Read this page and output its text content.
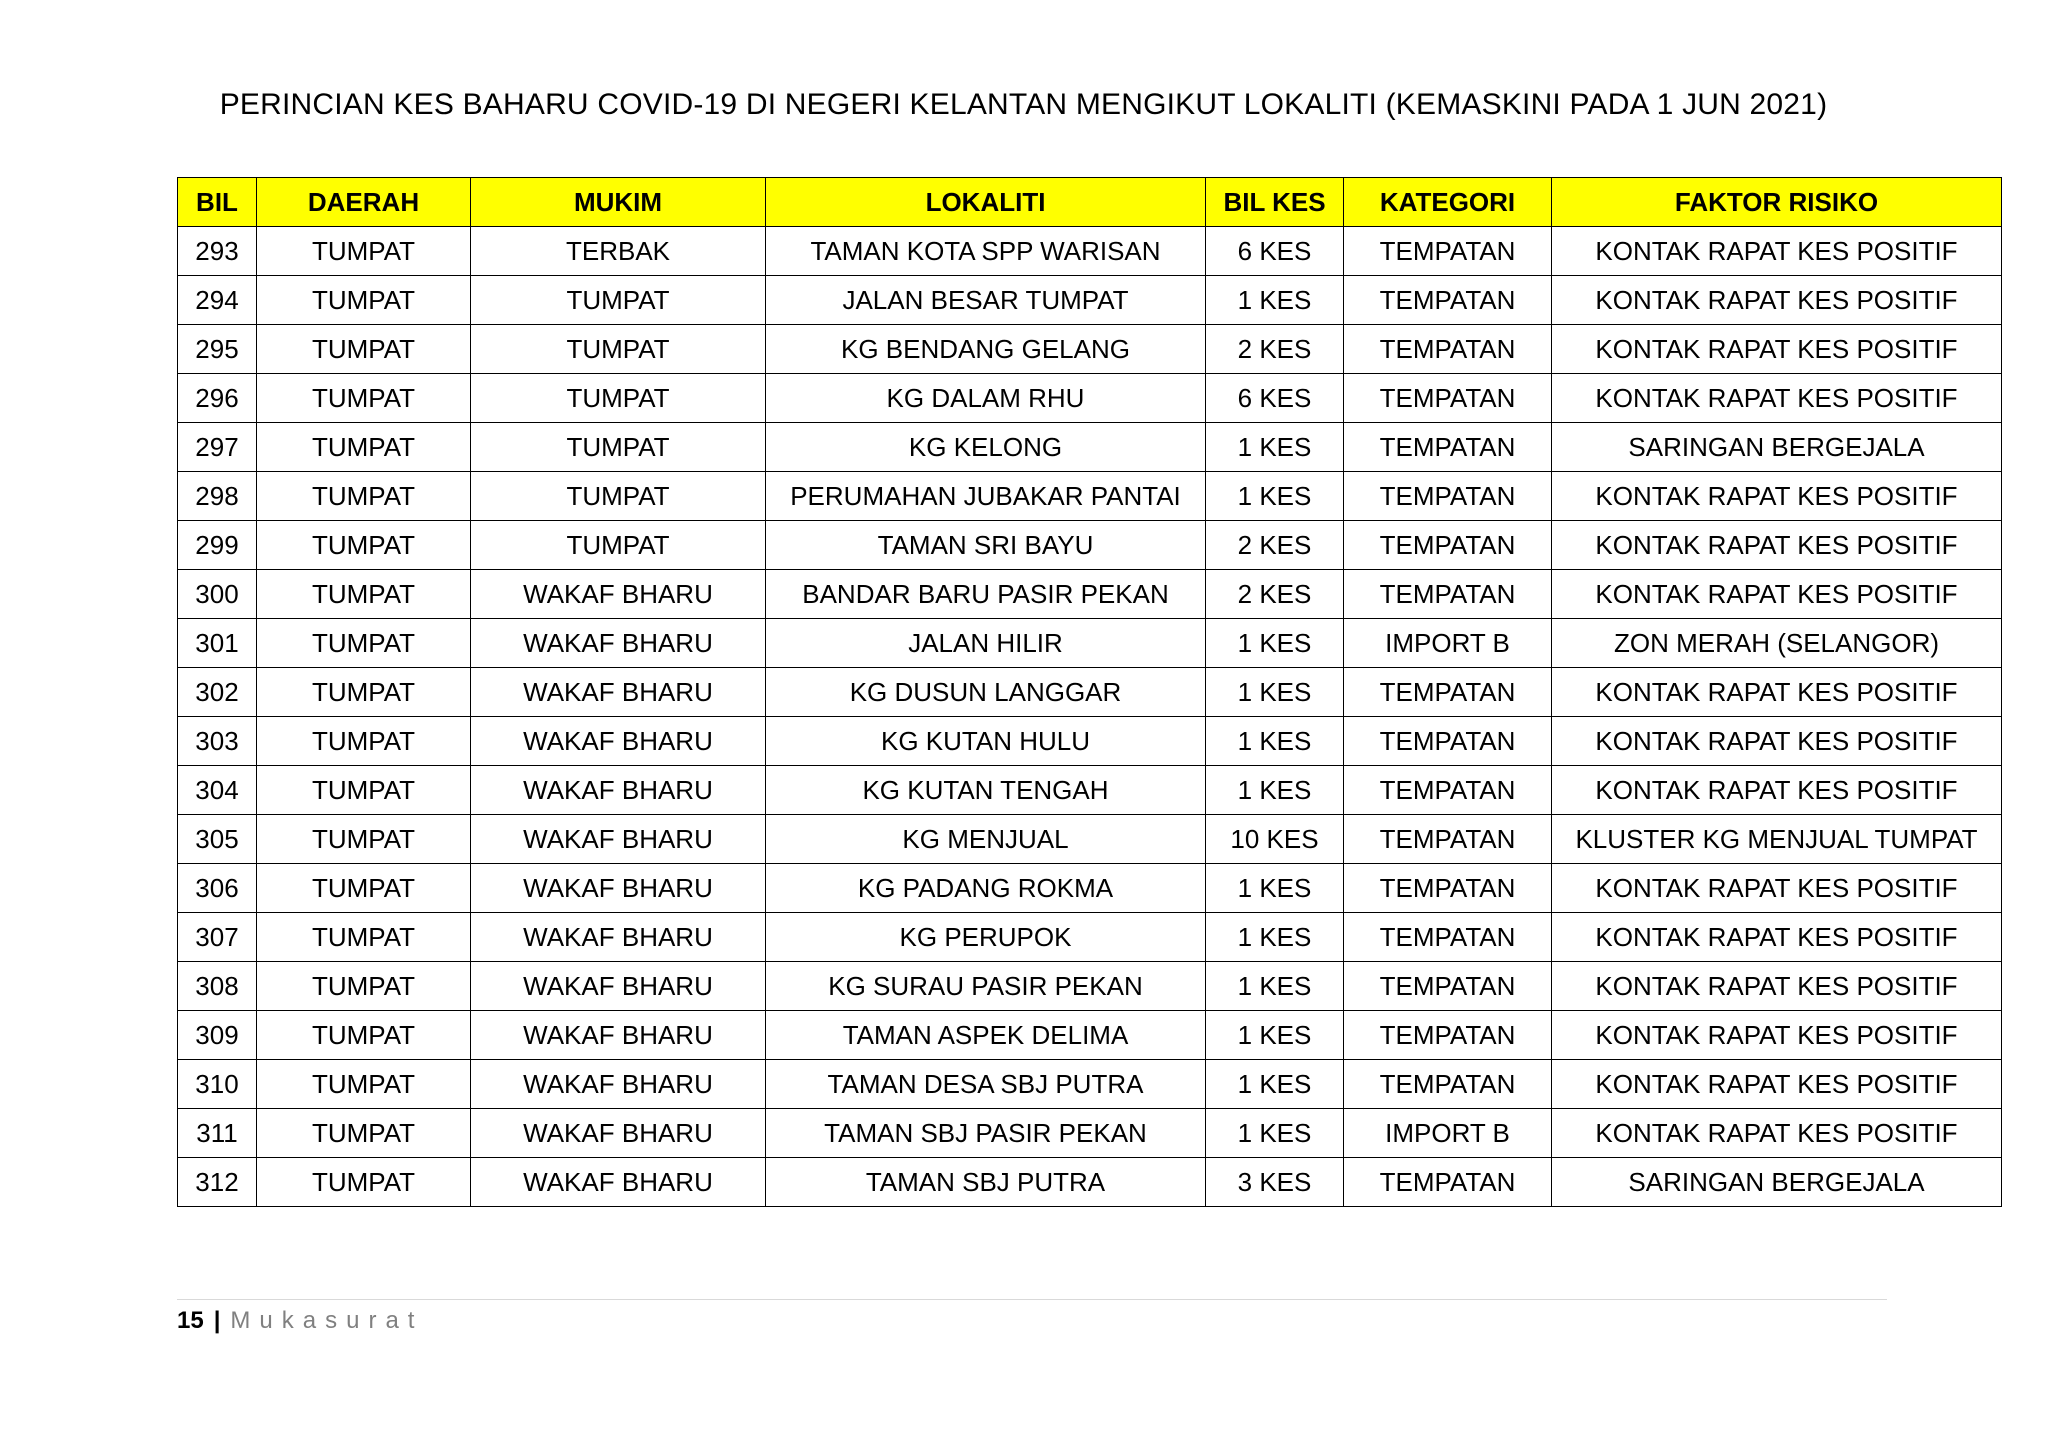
PERINCIAN KES BAHARU COVID-19 DI NEGERI KELANTAN MENGIKUT LOKALITI (KEMASKINI PADA 1 JUN 2021)
BIL	DAERAH	MUKIM	LOKALITI	BIL KES	KATEGORI	FAKTOR RISIKO
293	TUMPAT	TERBAK	TAMAN KOTA SPP WARISAN	6 KES	TEMPATAN	KONTAK RAPAT KES POSITIF
294	TUMPAT	TUMPAT	JALAN BESAR TUMPAT	1 KES	TEMPATAN	KONTAK RAPAT KES POSITIF
295	TUMPAT	TUMPAT	KG BENDANG GELANG	2 KES	TEMPATAN	KONTAK RAPAT KES POSITIF
296	TUMPAT	TUMPAT	KG DALAM RHU	6 KES	TEMPATAN	KONTAK RAPAT KES POSITIF
297	TUMPAT	TUMPAT	KG KELONG	1 KES	TEMPATAN	SARINGAN BERGEJALA
298	TUMPAT	TUMPAT	PERUMAHAN JUBAKAR PANTAI	1 KES	TEMPATAN	KONTAK RAPAT KES POSITIF
299	TUMPAT	TUMPAT	TAMAN SRI BAYU	2 KES	TEMPATAN	KONTAK RAPAT KES POSITIF
300	TUMPAT	WAKAF BHARU	BANDAR BARU PASIR PEKAN	2 KES	TEMPATAN	KONTAK RAPAT KES POSITIF
301	TUMPAT	WAKAF BHARU	JALAN HILIR	1 KES	IMPORT B	ZON MERAH (SELANGOR)
302	TUMPAT	WAKAF BHARU	KG DUSUN LANGGAR	1 KES	TEMPATAN	KONTAK RAPAT KES POSITIF
303	TUMPAT	WAKAF BHARU	KG KUTAN HULU	1 KES	TEMPATAN	KONTAK RAPAT KES POSITIF
304	TUMPAT	WAKAF BHARU	KG KUTAN TENGAH	1 KES	TEMPATAN	KONTAK RAPAT KES POSITIF
305	TUMPAT	WAKAF BHARU	KG MENJUAL	10 KES	TEMPATAN	KLUSTER KG MENJUAL TUMPAT
306	TUMPAT	WAKAF BHARU	KG PADANG ROKMA	1 KES	TEMPATAN	KONTAK RAPAT KES POSITIF
307	TUMPAT	WAKAF BHARU	KG PERUPOK	1 KES	TEMPATAN	KONTAK RAPAT KES POSITIF
308	TUMPAT	WAKAF BHARU	KG SURAU PASIR PEKAN	1 KES	TEMPATAN	KONTAK RAPAT KES POSITIF
309	TUMPAT	WAKAF BHARU	TAMAN ASPEK DELIMA	1 KES	TEMPATAN	KONTAK RAPAT KES POSITIF
310	TUMPAT	WAKAF BHARU	TAMAN DESA SBJ PUTRA	1 KES	TEMPATAN	KONTAK RAPAT KES POSITIF
311	TUMPAT	WAKAF BHARU	TAMAN SBJ PASIR PEKAN	1 KES	IMPORT B	KONTAK RAPAT KES POSITIF
312	TUMPAT	WAKAF BHARU	TAMAN SBJ PUTRA	3 KES	TEMPATAN	SARINGAN BERGEJALA
15 | Mukasurat
